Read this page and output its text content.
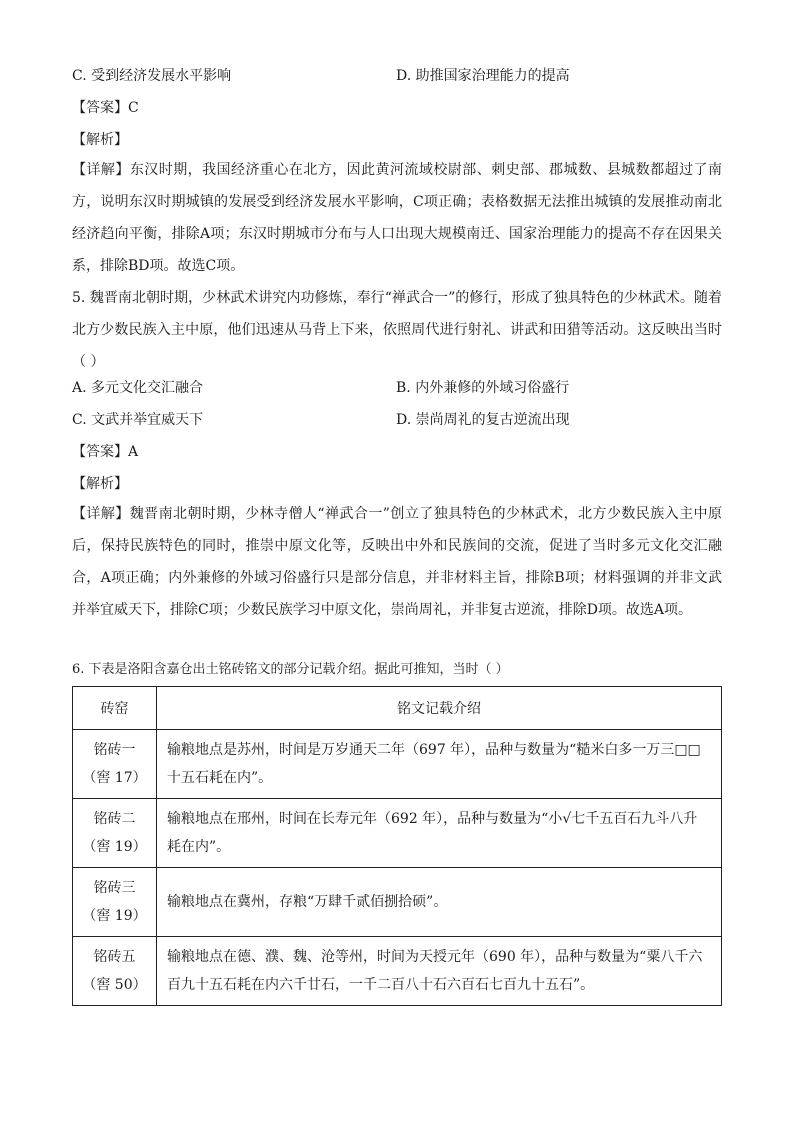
C. 受到经济发展水平影响	D. 助推国家治理能力的提高
【答案】C
【解析】
【详解】东汉时期，我国经济重心在北方，因此黄河流域校尉部、刺史部、郡城数、县城数都超过了南方，说明东汉时期城镇的发展受到经济发展水平影响，C项正确；表格数据无法推出城镇的发展推动南北经济趋向平衡，排除A项；东汉时期城市分布与人口出现大规模南迁、国家治理能力的提高不存在因果关系，排除BD项。故选C项。
5. 魏晋南北朝时期，少林武术讲究内功修炼，奉行“禅武合一”的修行，形成了独具特色的少林武术。随着北方少数民族入主中原，他们迅速从马背上下来，依照周代进行射礼、讲武和田猎等活动。这反映出当时（ ）
A. 多元文化交汇融合	B. 内外兼修的外域习俗盛行
C. 文武并举宜威天下	D. 崇尚周礼的复古逆流出现
【答案】A
【解析】
【详解】魏晋南北朝时期，少林寺僧人“禅武合一”创立了独具特色的少林武术，北方少数民族入主中原后，保持民族特色的同时，推崇中原文化等，反映出中外和民族间的交流，促进了当时多元文化交汇融合，A项正确；内外兼修的外域习俗盛行只是部分信息，并非材料主旨，排除B项；材料强调的并非文武并举宜威天下，排除C项；少数民族学习中原文化，崇尚周礼，并非复古逆流，排除D项。故选A项。
6. 下表是洛阳含嘉仓出土铭砖铭文的部分记载介绍。据此可推知，当时（ ）
砖窑	铭文记载介绍

铭砖一
（窖 17）	输粮地点是苏州，时间是万岁通天二年（697 年），品种与数量为“糙米白多一万三□□十五石耗在内”。

铭砖二
（窖 19）	输粮地点在邢州，时间在长寿元年（692 年），品种与数量为“小√七千五百石九斗八升耗在内”。

铭砖三
（窖 19）	输粮地点在冀州，存粮“万肆千贰佰捌拾硕”。

铭砖五
（窖 50）	输粮地点在德、濮、魏、沧等州，时间为天授元年（690 年），品种与数量为“粟八千六百九十五石耗在内六千廿石，一千二百八十石六百石七百九十五石”。
